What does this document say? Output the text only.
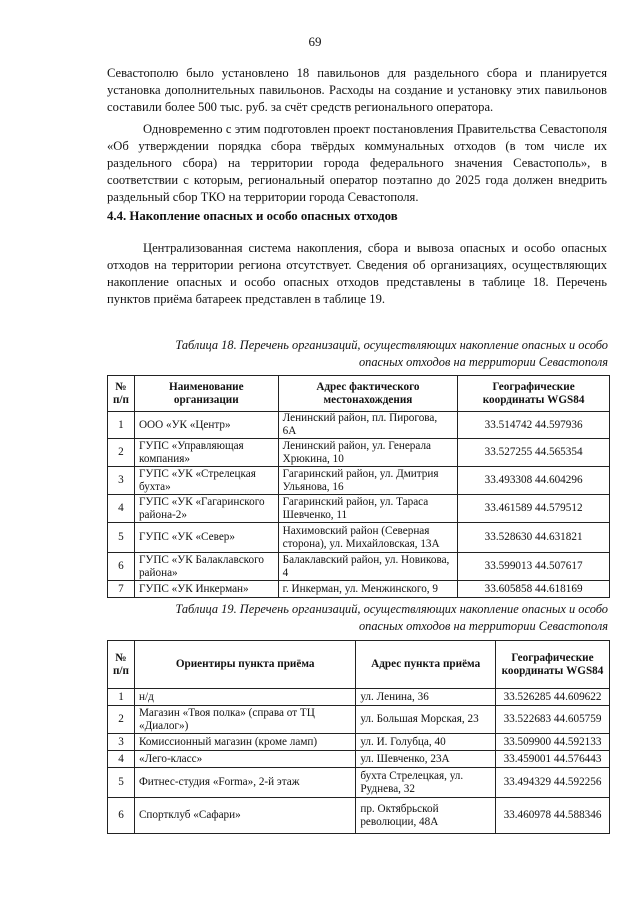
69

Севастополю было установлено 18 павильонов для раздельного сбора и планируется установка дополнительных павильонов. Расходы на создание и установку этих павильонов составили более 500 тыс. руб. за счёт средств регионального оператора.

Одновременно с этим подготовлен проект постановления Правительства Севастополя «Об утверждении порядка сбора твёрдых коммунальных отходов (в том числе их раздельного сбора) на территории города федерального значения Севастополь», в соответствии с которым, региональный оператор поэтапно до 2025 года должен внедрить раздельный сбор ТКО на территории города Севастополя.

4.4. Накопление опасных и особо опасных отходов

Централизованная система накопления, сбора и вывоза опасных и особо опасных отходов на территории региона отсутствует. Сведения об организациях, осуществляющих накопление опасных и особо опасных отходов представлены в таблице 18. Перечень пунктов приёма батареек представлен в таблице 19.

Таблица 18. Перечень организаций, осуществляющих накопление опасных и особо опасных отходов на территории Севастополя

№ п/п	Наименование организации	Адрес фактического местонахождения	Географические координаты WGS84
1	ООО «УК «Центр»	Ленинский район, пл. Пирогова, 6А	33.514742 44.597936
2	ГУПС «Управляющая компания»	Ленинский район, ул. Генерала Хрюкина, 10	33.527255 44.565354
3	ГУПС «УК «Стрелецкая бухта»	Гагаринский район, ул. Дмитрия Ульянова, 16	33.493308 44.604296
4	ГУПС «УК «Гагаринского района-2»	Гагаринский район, ул. Тараса Шевченко, 11	33.461589 44.579512
5	ГУПС «УК «Север»	Нахимовский район (Северная сторона), ул. Михайловская, 13А	33.528630 44.631821
6	ГУПС «УК Балаклавского района»	Балаклавский район, ул. Новикова, 4	33.599013 44.507617
7	ГУПС «УК Инкерман»	г. Инкерман, ул. Менжинского, 9	33.605858 44.618169

Таблица 19. Перечень организаций, осуществляющих накопление опасных и особо опасных отходов на территории Севастополя

№ п/п	Ориентиры пункта приёма	Адрес пункта приёма	Географические координаты WGS84
1	н/д	ул. Ленина, 36	33.526285 44.609622
2	Магазин «Твоя полка» (справа от ТЦ «Диалог»)	ул. Большая Морская, 23	33.522683 44.605759
3	Комиссионный магазин (кроме ламп)	ул. И. Голубца, 40	33.509900 44.592133
4	«Лего-класс»	ул. Шевченко, 23А	33.459001 44.576443
5	Фитнес-студия «Forma», 2-й этаж	бухта Стрелецкая, ул. Руднева, 32	33.494329 44.592256
6	Спортклуб «Сафари»	пр. Октябрьской революции, 48А	33.460978 44.588346
